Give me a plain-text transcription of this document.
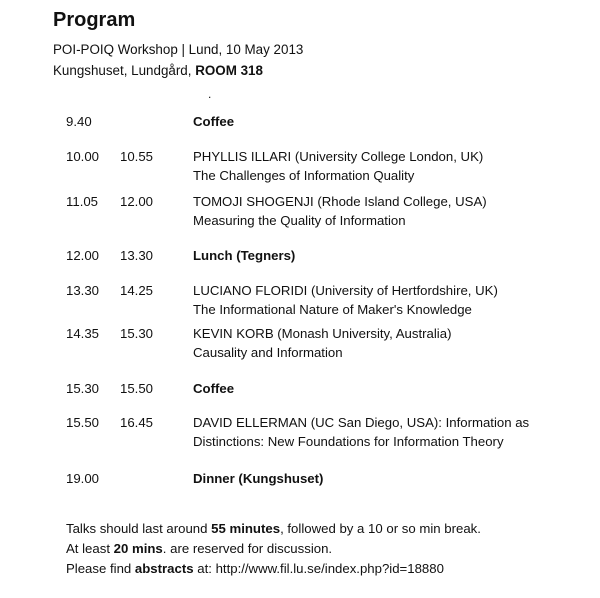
Program
POI-POIQ Workshop | Lund, 10 May 2013
Kungshuset, Lundgård, ROOM 318
.
9.40	Coffee
10.00 10.55	PHYLLIS ILLARI (University College London, UK)
The Challenges of Information Quality
11.05 12.00	TOMOJI SHOGENJI (Rhode Island College, USA)
Measuring the Quality of Information
12.00 13.30	Lunch (Tegners)
13.30 14.25	LUCIANO FLORIDI (University of Hertfordshire, UK)
The Informational Nature of Maker's Knowledge
14.35 15.30	KEVIN KORB (Monash University, Australia)
Causality and Information
15.30 15.50	Coffee
15.50 16.45	DAVID ELLERMAN (UC San Diego, USA): Information as
Distinctions: New Foundations for Information Theory
19.00	Dinner (Kungshuset)
Talks should last around 55 minutes, followed by a 10 or so min break.
At least 20 mins. are reserved for discussion.
Please find abstracts at: http://www.fil.lu.se/index.php?id=18880
